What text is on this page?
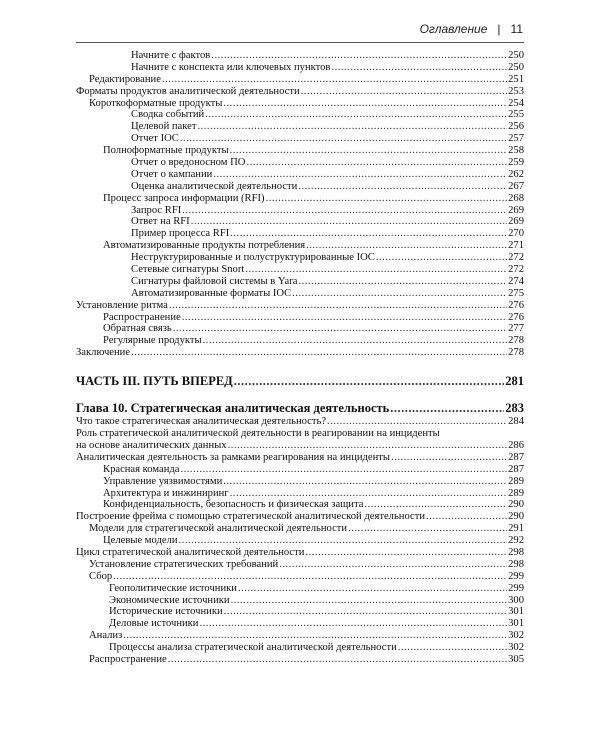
Оглавление | 11
Начните с фактов .....	250
Начните с конспекта или ключевых пунктов .....	250
Редактирование .....	251
Форматы продуктов аналитической деятельности .....	253
Короткоформатные продукты .....	254
Сводка событий .....	255
Целевой пакет .....	256
Отчет IOC .....	257
Полноформатные продукты .....	258
Отчет о вредоносном ПО .....	259
Отчет о кампании .....	262
Оценка аналитической деятельности .....	267
Процесс запроса информации (RFI) .....	268
Запрос RFI .....	269
Ответ на RFI .....	269
Пример процесса RFI .....	270
Автоматизированные продукты потребления .....	271
Неструктурированные и полуструктурированные IOC .....	272
Сетевые сигнатуры Snort .....	272
Сигнатуры файловой системы в Yara .....	274
Автоматизированные форматы IOC .....	275
Установление ритма .....	276
Распространение .....	276
Обратная связь .....	277
Регулярные продукты .....	278
Заключение .....	278
ЧАСТЬ III. ПУТЬ ВПЕРЕД .....	281
Глава 10. Стратегическая аналитическая деятельность .....	283
Что такое стратегическая аналитическая деятельность? .....	284
Роль стратегической аналитической деятельности в реагировании на инциденты
на основе аналитических данных .....	286
Аналитическая деятельность за рамками реагирования на инциденты .....	287
Красная команда .....	287
Управление уязвимостями .....	289
Архитектура и инжиниринг .....	289
Конфиденциальность, безопасность и физическая защита .....	290
Построение фрейма с помощью стратегической аналитической деятельности .....	290
Модели для стратегической аналитической деятельности .....	291
Целевые модели .....	292
Цикл стратегической аналитической деятельности .....	298
Установление стратегических требований .....	298
Сбор .....	299
Геополитические источники .....	299
Экономические источники .....	300
Исторические источники .....	301
Деловые источники .....	301
Анализ .....	302
Процессы анализа стратегической аналитической деятельности .....	302
Распространение .....	305
